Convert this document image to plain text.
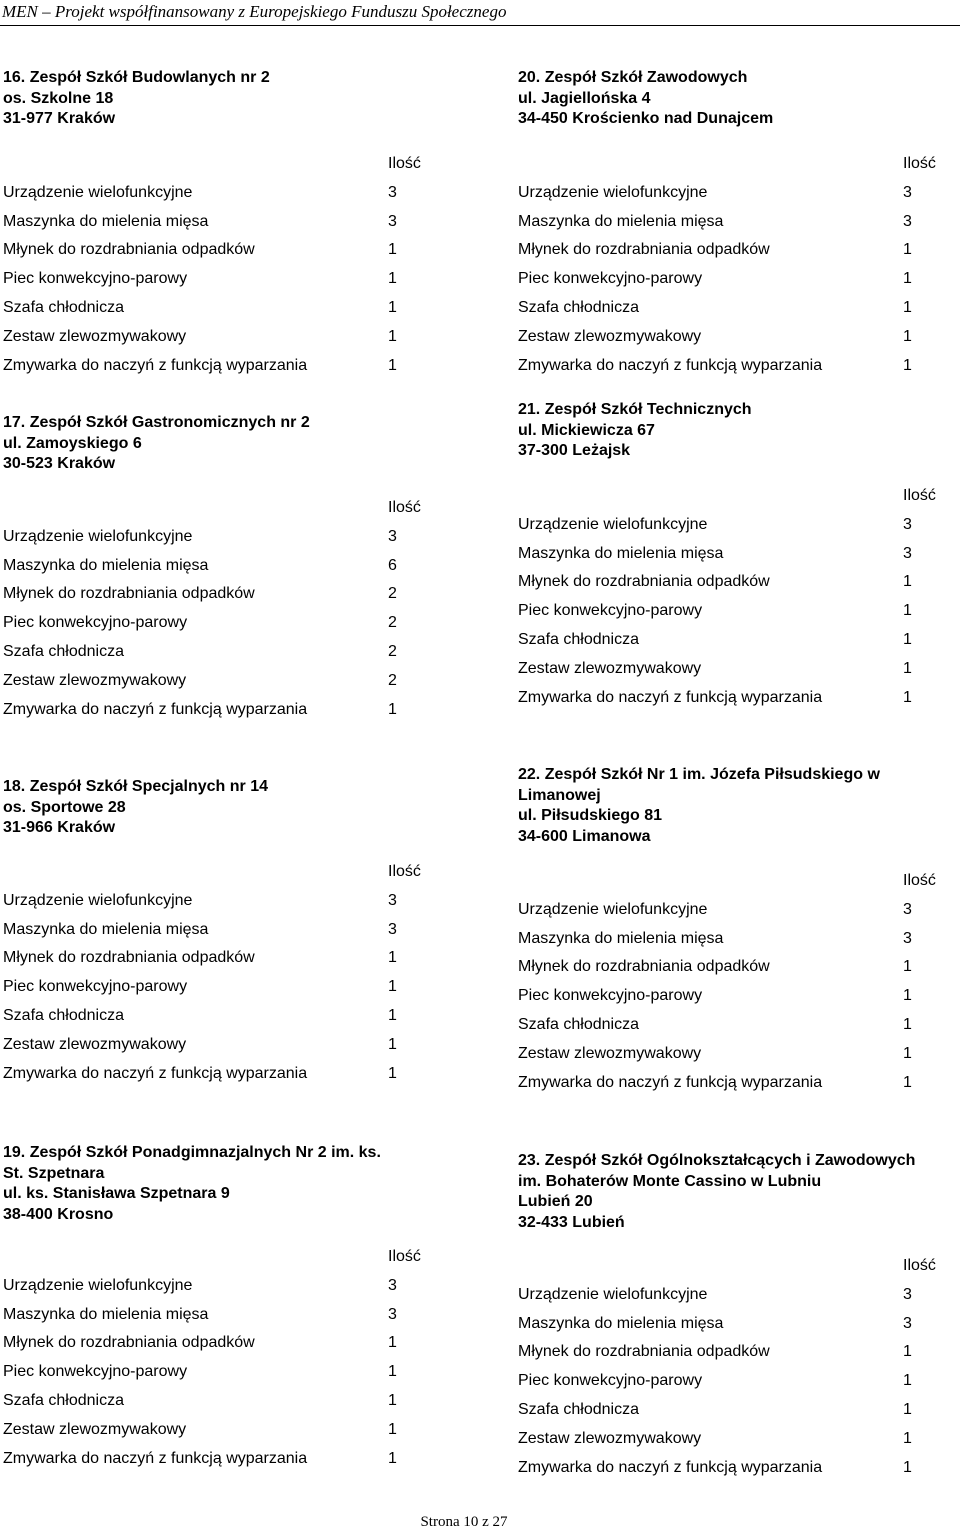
MEN – Projekt współfinansowany z Europejskiego Funduszu Społecznego
16. Zespół Szkół Budowlanych nr 2
os. Szkolne 18
31-977 Kraków
	Ilość
Urządzenie wielofunkcyjne	3
Maszynka do mielenia mięsa	3
Młynek do rozdrabniania odpadków	1
Piec konwekcyjno-parowy	1
Szafa chłodnicza	1
Zestaw zlewozmywakowy	1
Zmywarka do naczyń z funkcją wyparzania	1
20. Zespół Szkół Zawodowych
ul. Jagiellońska 4
34-450 Krościenko nad Dunajcem
	Ilość
Urządzenie wielofunkcyjne	3
Maszynka do mielenia mięsa	3
Młynek do rozdrabniania odpadków	1
Piec konwekcyjno-parowy	1
Szafa chłodnicza	1
Zestaw zlewozmywakowy	1
Zmywarka do naczyń z funkcją wyparzania	1
17. Zespół Szkół Gastronomicznych nr 2
ul. Zamoyskiego 6
30-523 Kraków
	Ilość
Urządzenie wielofunkcyjne	3
Maszynka do mielenia mięsa	6
Młynek do rozdrabniania odpadków	2
Piec konwekcyjno-parowy	2
Szafa chłodnicza	2
Zestaw zlewozmywakowy	2
Zmywarka do naczyń z funkcją wyparzania	1
21. Zespół Szkół Technicznych
ul. Mickiewicza 67
37-300 Leżajsk
	Ilość
Urządzenie wielofunkcyjne	3
Maszynka do mielenia mięsa	3
Młynek do rozdrabniania odpadków	1
Piec konwekcyjno-parowy	1
Szafa chłodnicza	1
Zestaw zlewozmywakowy	1
Zmywarka do naczyń z funkcją wyparzania	1
18. Zespół Szkół Specjalnych nr 14
os. Sportowe 28
31-966 Kraków
	Ilość
Urządzenie wielofunkcyjne	3
Maszynka do mielenia mięsa	3
Młynek do rozdrabniania odpadków	1
Piec konwekcyjno-parowy	1
Szafa chłodnicza	1
Zestaw zlewozmywakowy	1
Zmywarka do naczyń z funkcją wyparzania	1
22. Zespół Szkół Nr 1 im. Józefa Piłsudskiego w
Limanowej
ul. Piłsudskiego 81
34-600 Limanowa
	Ilość
Urządzenie wielofunkcyjne	3
Maszynka do mielenia mięsa	3
Młynek do rozdrabniania odpadków	1
Piec konwekcyjno-parowy	1
Szafa chłodnicza	1
Zestaw zlewozmywakowy	1
Zmywarka do naczyń z funkcją wyparzania	1
19. Zespół Szkół Ponadgimnazjalnych Nr 2 im. ks.
St. Szpetnara
ul. ks. Stanisława Szpetnara 9
38-400 Krosno
	Ilość
Urządzenie wielofunkcyjne	3
Maszynka do mielenia mięsa	3
Młynek do rozdrabniania odpadków	1
Piec konwekcyjno-parowy	1
Szafa chłodnicza	1
Zestaw zlewozmywakowy	1
Zmywarka do naczyń z funkcją wyparzania	1
23. Zespół Szkół Ogólnokształcących i Zawodowych
im. Bohaterów Monte Cassino w Lubniu
Lubień 20
32-433 Lubień
	Ilość
Urządzenie wielofunkcyjne	3
Maszynka do mielenia mięsa	3
Młynek do rozdrabniania odpadków	1
Piec konwekcyjno-parowy	1
Szafa chłodnicza	1
Zestaw zlewozmywakowy	1
Zmywarka do naczyń z funkcją wyparzania	1
Strona 10 z 27
